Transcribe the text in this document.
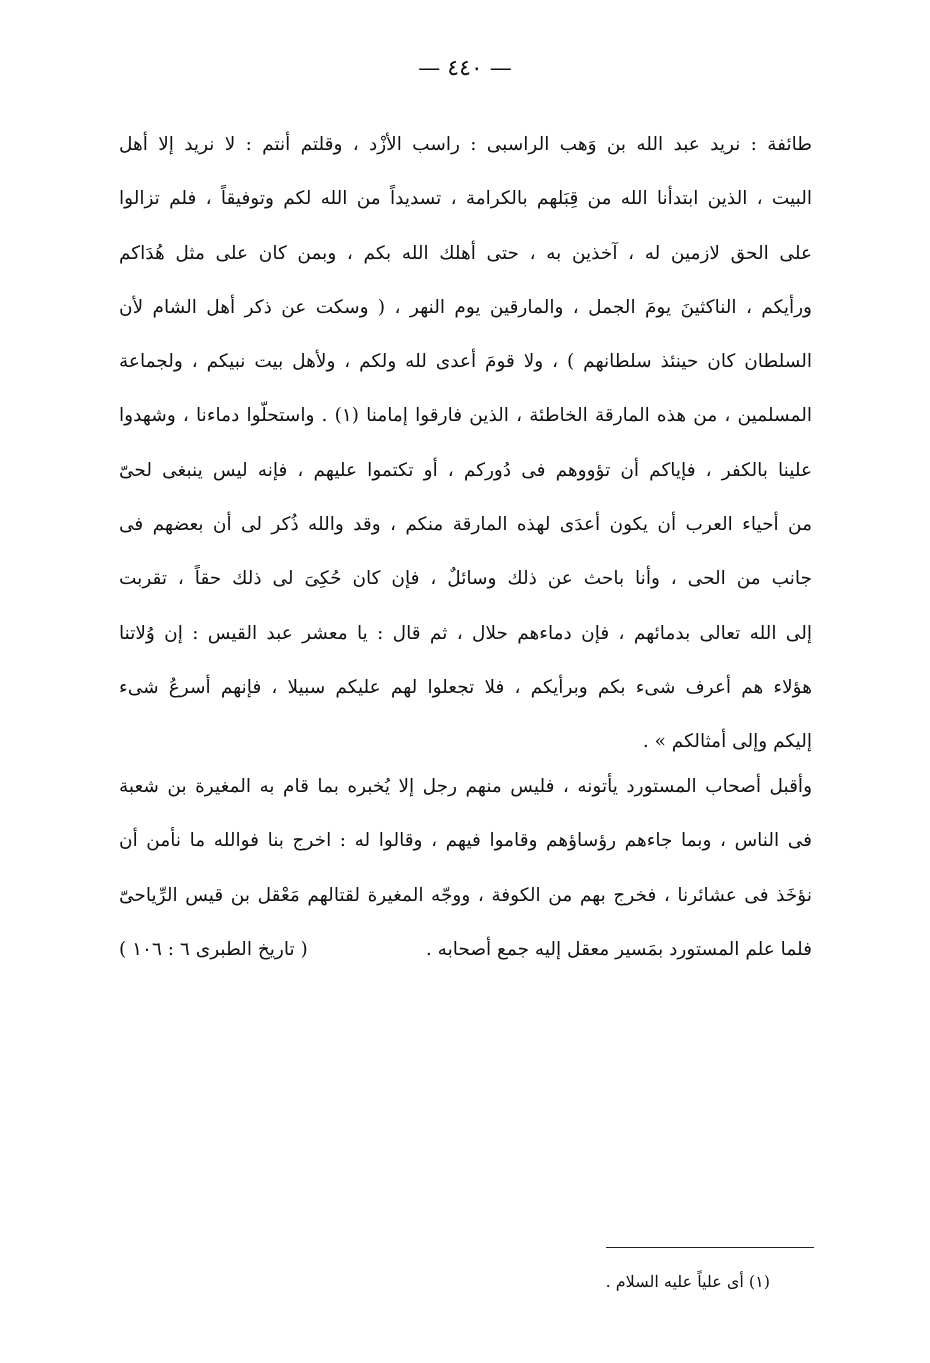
— ٤٤٠ —
طائفة : نريد عبد الله بن وَهب الراسبى : راسب الأزْد ، وقلتم أنتم : لا نريد إلا أهل
البيت ، الذين ابتدأنا الله من قِبَلهم بالكرامة ، تسديداً من الله لكم وتوفيقاً ، فلم تزالوا
على الحق لازمين له ، آخذين به ، حتى أهلك الله بكم ، وبمن كان على مثل هُدَاكم
ورأيكم ، الناكثينَ يومَ الجمل ، والمارقين يوم النهر ، ( وسكت عن ذكر أهل الشام لأن
السلطان كان حينئذ سلطانهم ) ، ولا قومَ أعدى لله ولكم ، ولأهل بيت نبيكم ، ولجماعة
المسلمين ، من هذه المارقة الخاطئة ، الذين فارقوا إمامنا (١) . واستحلّوا دماءنا ، وشهدوا
علينا بالكفر ، فإياكم أن تؤووهم فى دُوركم ، أو تكتموا عليهم ، فإنه ليس ينبغى لحىّ
من أحياء العرب أن يكون أعدَى لهذه المارقة منكم ، وقد والله ذُكر لى أن بعضهم فى
جانب من الحى ، وأنا باحث عن ذلك وسائلٌ ، فإن كان حُكِىَ لى ذلك حقاً ، تقربت
إلى الله تعالى بدمائهم ، فإن دماءهم حلال ، ثم قال : يا معشر عبد القيس : إن وُلاتنا
هؤلاء هم أعرف شىء بكم وبرأيكم ، فلا تجعلوا لهم عليكم سبيلا ، فإنهم أسرعُ شىء
إليكم وإلى أمثالكم » .
وأقبل أصحاب المستورد يأتونه ، فليس منهم رجل إلا يُخبره بما قام به المغيرة بن شعبة
فى الناس ، وبما جاءهم رؤساؤهم وقاموا فيهم ، وقالوا له : اخرج بنا فوالله ما نأمن أن
نؤخَذ فى عشائرنا ، فخرج بهم من الكوفة ، ووجّه المغيرة لقتالهم مَعْقل بن قيس الرِّياحىّ
فلما علم المستورد بمَسير معقل إليه جمع أصحابه .
( تاريخ الطبرى ٦ : ١٠٦ )
(١) أى علياً عليه السلام .
